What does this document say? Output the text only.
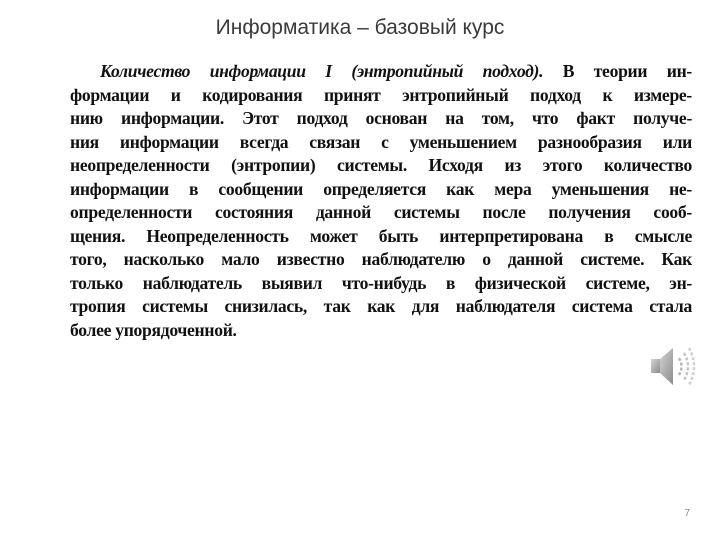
Информатика – базовый курс
Количество информации I (энтропийный подход). В теории ин-
формации и кодирования принят энтропийный подход к измере-
нию информации. Этот подход основан на том, что факт получе-
ния информации всегда связан с уменьшением разнообразия или
неопределенности (энтропии) системы. Исходя из этого количество
информации в сообщении определяется как мера уменьшения не-
определенности состояния данной системы после получения сооб-
щения. Неопределенность может быть интерпретирована в смысле
того, насколько мало известно наблюдателю о данной системе. Как
только наблюдатель выявил что-нибудь в физической системе, эн-
тропия системы снизилась, так как для наблюдателя система стала
более упорядоченной.
7
